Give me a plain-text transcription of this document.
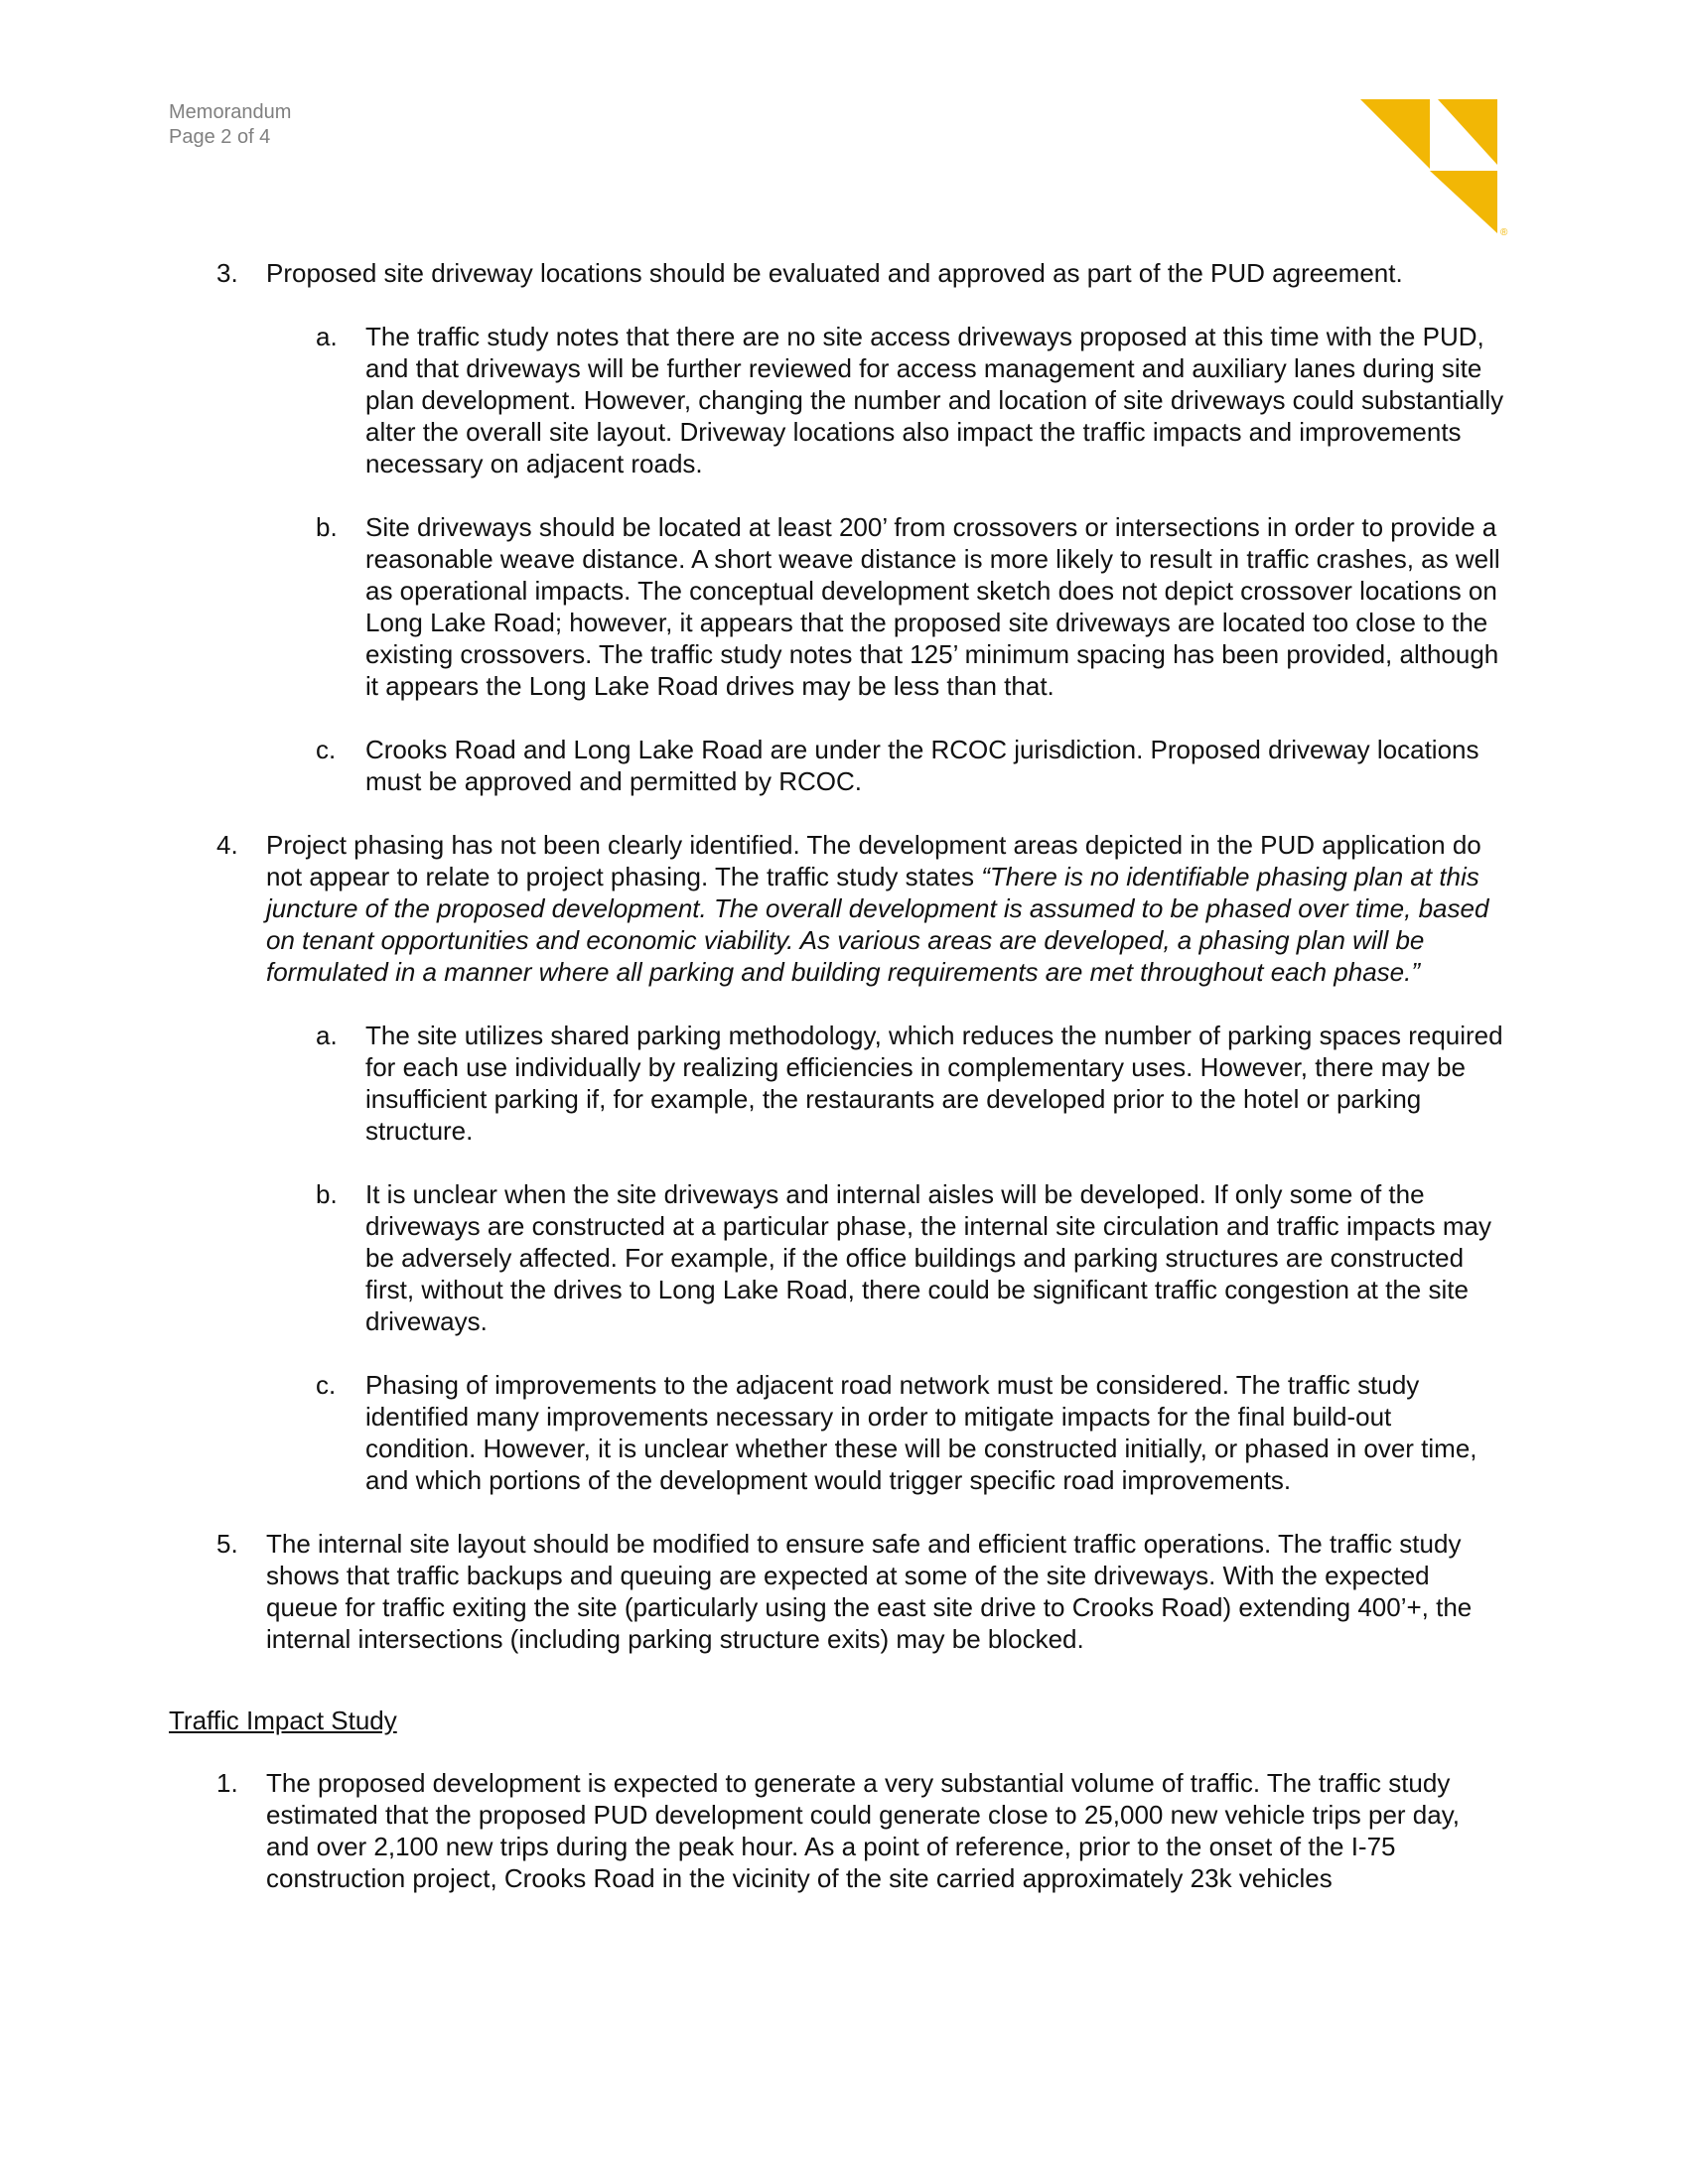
Memorandum
Page 2 of 4
®
3. Proposed site driveway locations should be evaluated and approved as part of the PUD agreement.
a. The traffic study notes that there are no site access driveways proposed at this time with the PUD, and that driveways will be further reviewed for access management and auxiliary lanes during site plan development. However, changing the number and location of site driveways could substantially alter the overall site layout. Driveway locations also impact the traffic impacts and improvements necessary on adjacent roads.
b. Site driveways should be located at least 200’ from crossovers or intersections in order to provide a reasonable weave distance. A short weave distance is more likely to result in traffic crashes, as well as operational impacts. The conceptual development sketch does not depict crossover locations on Long Lake Road; however, it appears that the proposed site driveways are located too close to the existing crossovers. The traffic study notes that 125’ minimum spacing has been provided, although it appears the Long Lake Road drives may be less than that.
c. Crooks Road and Long Lake Road are under the RCOC jurisdiction. Proposed driveway locations must be approved and permitted by RCOC.
4. Project phasing has not been clearly identified. The development areas depicted in the PUD application do not appear to relate to project phasing. The traffic study states “There is no identifiable phasing plan at this juncture of the proposed development. The overall development is assumed to be phased over time, based on tenant opportunities and economic viability. As various areas are developed, a phasing plan will be formulated in a manner where all parking and building requirements are met throughout each phase.”
a. The site utilizes shared parking methodology, which reduces the number of parking spaces required for each use individually by realizing efficiencies in complementary uses. However, there may be insufficient parking if, for example, the restaurants are developed prior to the hotel or parking structure.
b. It is unclear when the site driveways and internal aisles will be developed. If only some of the driveways are constructed at a particular phase, the internal site circulation and traffic impacts may be adversely affected. For example, if the office buildings and parking structures are constructed first, without the drives to Long Lake Road, there could be significant traffic congestion at the site driveways.
c. Phasing of improvements to the adjacent road network must be considered. The traffic study identified many improvements necessary in order to mitigate impacts for the final build-out condition. However, it is unclear whether these will be constructed initially, or phased in over time, and which portions of the development would trigger specific road improvements.
5. The internal site layout should be modified to ensure safe and efficient traffic operations. The traffic study shows that traffic backups and queuing are expected at some of the site driveways. With the expected queue for traffic exiting the site (particularly using the east site drive to Crooks Road) extending 400’+, the internal intersections (including parking structure exits) may be blocked.
Traffic Impact Study
1. The proposed development is expected to generate a very substantial volume of traffic. The traffic study estimated that the proposed PUD development could generate close to 25,000 new vehicle trips per day, and over 2,100 new trips during the peak hour. As a point of reference, prior to the onset of the I-75 construction project, Crooks Road in the vicinity of the site carried approximately 23k vehicles
